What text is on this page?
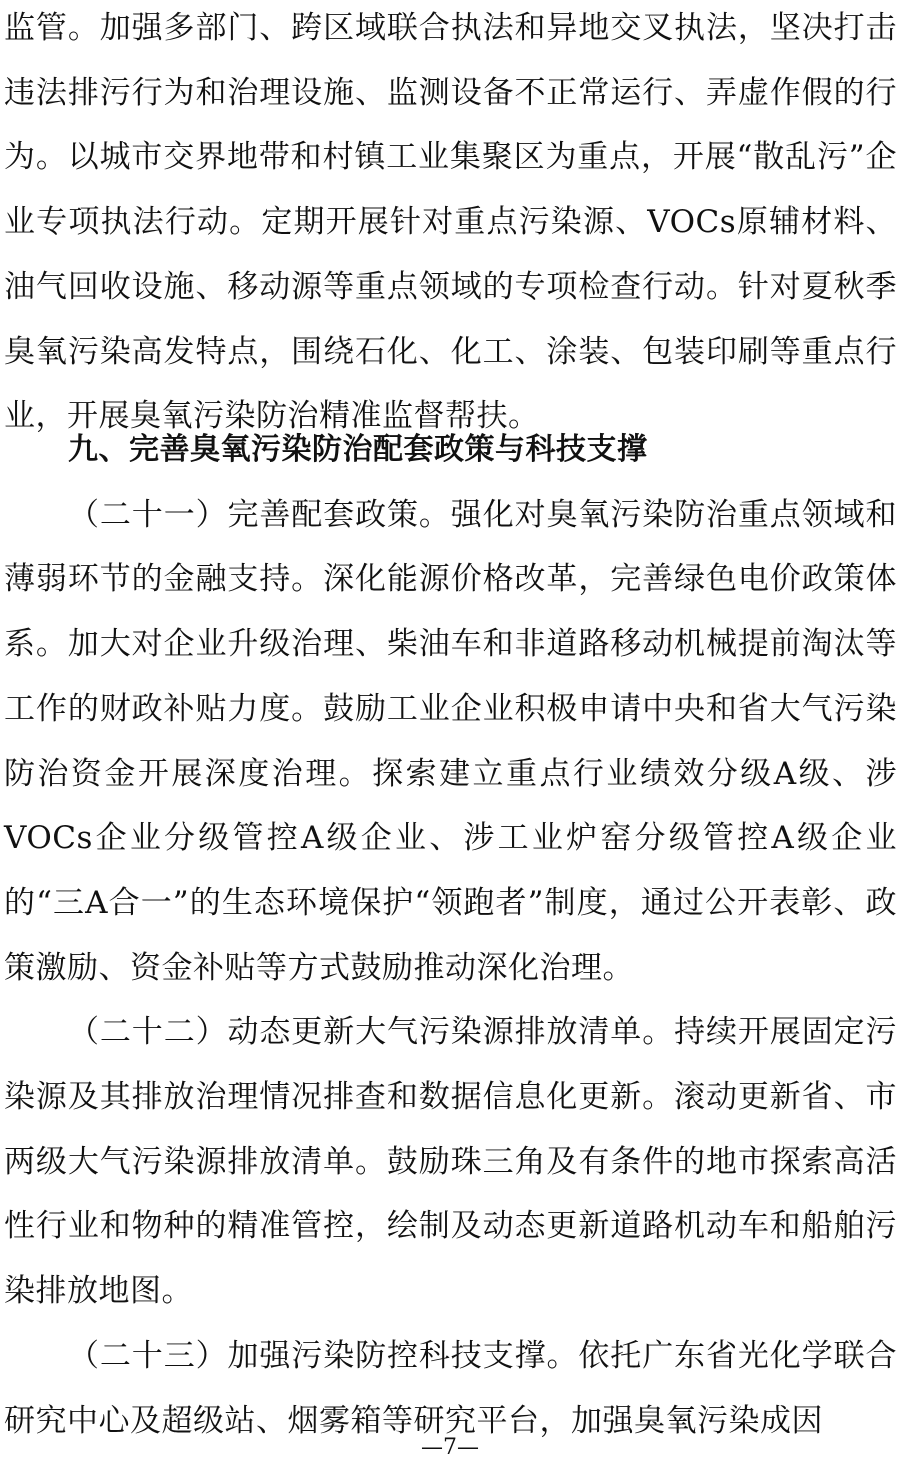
监管。加强多部门、跨区域联合执法和异地交叉执法，坚决打击违法排污行为和治理设施、监测设备不正常运行、弄虚作假的行为。以城市交界地带和村镇工业集聚区为重点，开展“散乱污”企业专项执法行动。定期开展针对重点污染源、VOCs原辅材料、油气回收设施、移动源等重点领域的专项检查行动。针对夏秋季臭氧污染高发特点，围绕石化、化工、涂装、包装印刷等重点行业，开展臭氧污染防治精准监督帮扶。

九、完善臭氧污染防治配套政策与科技支撑

（二十一）完善配套政策。强化对臭氧污染防治重点领域和薄弱环节的金融支持。深化能源价格改革，完善绿色电价政策体系。加大对企业升级治理、柴油车和非道路移动机械提前淘汰等工作的财政补贴力度。鼓励工业企业积极申请中央和省大气污染防治资金开展深度治理。探索建立重点行业绩效分级A级、涉VOCs企业分级管控A级企业、涉工业炉窑分级管控A级企业的“三A合一”的生态环境保护“领跑者”制度，通过公开表彰、政策激励、资金补贴等方式鼓励推动深化治理。

（二十二）动态更新大气污染源排放清单。持续开展固定污染源及其排放治理情况排查和数据信息化更新。滚动更新省、市两级大气污染源排放清单。鼓励珠三角及有条件的地市探索高活性行业和物种的精准管控，绘制及动态更新道路机动车和船舶污染排放地图。

（二十三）加强污染防控科技支撑。依托广东省光化学联合研究中心及超级站、烟雾箱等研究平台，加强臭氧污染成因

—7—
